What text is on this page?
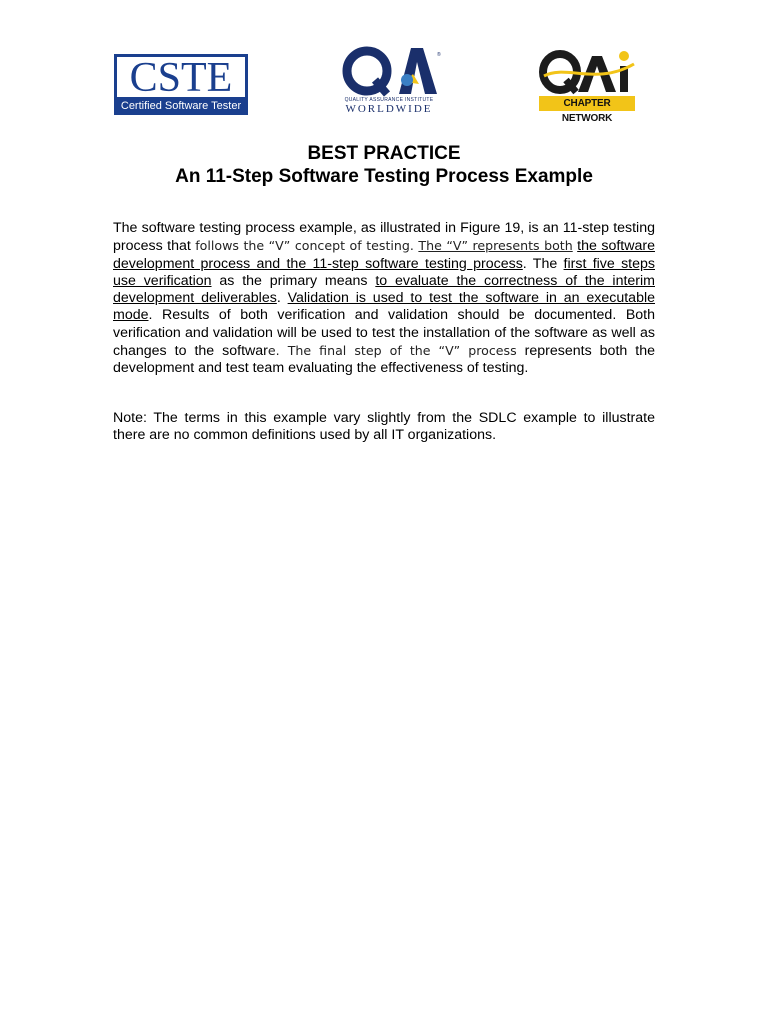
CSTE
Certified Software Tester
®
QUALITY ASSURANCE INSTITUTE
WORLDWIDE	CHAPTER NETWORK
BEST PRACTICE
An 11-Step Software Testing Process Example

The software testing process example, as illustrated in Figure 19, is an 11-step testing process that follows the “V” concept of testing. The “V” represents both the software development process and the 11-step software testing process. The first five steps use verification as the primary means to evaluate the correctness of the interim development deliverables. Validation is used to test the software in an executable mode. Results of both verification and validation should be documented. Both verification and validation will be used to test the installation of the software as well as changes to the software. The final step of the “V” process represents both the development and test team evaluating the effectiveness of testing.

Note: The terms in this example vary slightly from the SDLC example to illustrate there are no common definitions used by all IT organizations.
